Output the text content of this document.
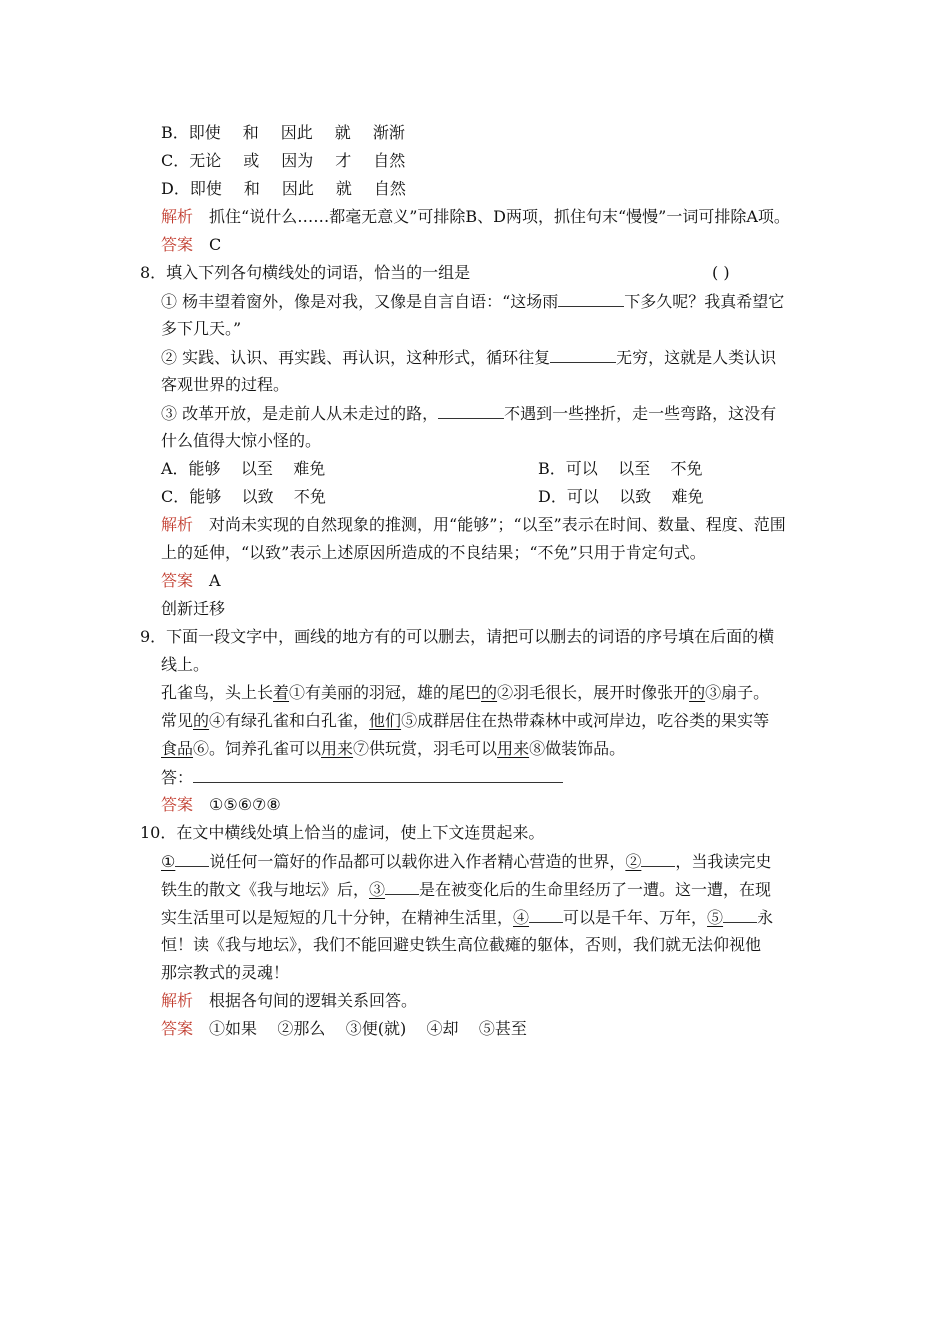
B．即使 和 因此 就 渐渐
C．无论 或 因为 才 自然
D．即使 和 因此 就 自然
解析 抓住“说什么……都毫无意义”可排除B、D两项，抓住句末“慢慢”一词可排除A项。
答案 C
8．填入下列各句横线处的词语，恰当的一组是	( )
① 杨丰望着窗外，像是对我，又像是自言自语：“这场雨	下多久呢？我真希望它
多下几天。”
② 实践、认识、再实践、再认识，这种形式，循环往复	无穷，这就是人类认识
客观世界的过程。
③ 改革开放，是走前人从未走过的路，	不遇到一些挫折，走一些弯路，这没有
什么值得大惊小怪的。
A．能够    以至    难免	B．可以    以至    不免
C．能够    以致    不免	D．可以    以致    难免
解析 对尚未实现的自然现象的推测，用“能够”；“以至”表示在时间、数量、程度、范围
上的延伸，“以致”表示上述原因所造成的不良结果；“不免”只用于肯定句式。
答案 A
创新迁移
9．下面一段文字中，画线的地方有的可以删去，请把可以删去的词语的序号填在后面的横
线上。
孔雀鸟，头上长着①有美丽的羽冠，雄的尾巴的②羽毛很长，展开时像张开的③扇子。
常见的④有绿孔雀和白孔雀，他们⑤成群居住在热带森林中或河岸边，吃谷类的果实等
食品⑥。饲养孔雀可以用来⑦供玩赏，羽毛可以用来⑧做装饰品。
答：
答案 ①⑤⑥⑦⑧
10．在文中横线处填上恰当的虚词，使上下文连贯起来。
① 说任何一篇好的作品都可以载你进入作者精心营造的世界，② ，当我读完史
铁生的散文《我与地坛》后，③ 是在被变化后的生命里经历了一遭。这一遭，在现
实生活里可以是短短的几十分钟，在精神生活里，④ 可以是千年、万年，⑤ 永
恒！读《我与地坛》，我们不能回避史铁生高位截瘫的躯体，否则，我们就无法仰视他
那宗教式的灵魂！
解析 根据各句间的逻辑关系回答。
答案 ①如果    ②那么    ③便(就)    ④却    ⑤甚至
